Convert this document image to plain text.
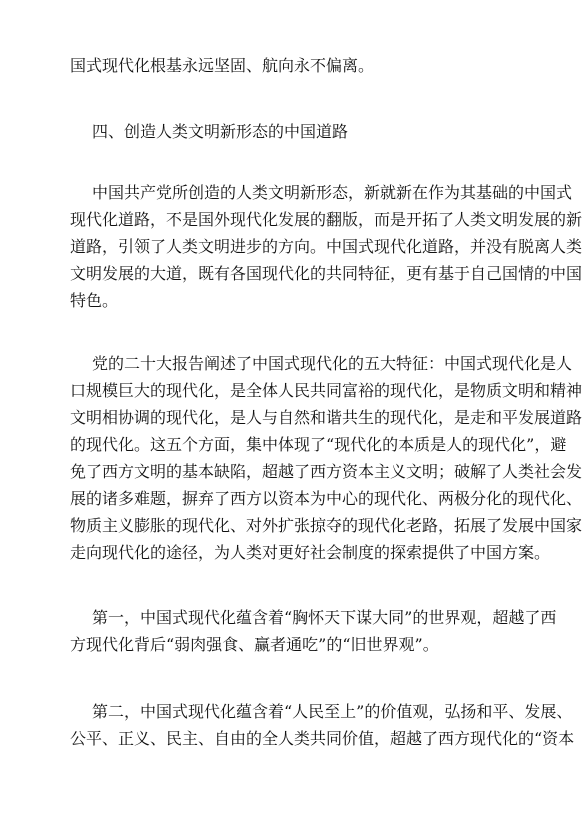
国式现代化根基永远坚固、航向永不偏离。
四、创造人类文明新形态的中国道路
中国共产党所创造的人类文明新形态，新就新在作为其基础的中国式
现代化道路，不是国外现代化发展的翻版，而是开拓了人类文明发展的新
道路，引领了人类文明进步的方向。中国式现代化道路，并没有脱离人类
文明发展的大道，既有各国现代化的共同特征，更有基于自己国情的中国
特色。
党的二十大报告阐述了中国式现代化的五大特征：中国式现代化是人
口规模巨大的现代化，是全体人民共同富裕的现代化，是物质文明和精神
文明相协调的现代化，是人与自然和谐共生的现代化，是走和平发展道路
的现代化。这五个方面，集中体现了“现代化的本质是人的现代化”，避
免了西方文明的基本缺陷，超越了西方资本主义文明；破解了人类社会发
展的诸多难题，摒弃了西方以资本为中心的现代化、两极分化的现代化、
物质主义膨胀的现代化、对外扩张掠夺的现代化老路，拓展了发展中国家
走向现代化的途径，为人类对更好社会制度的探索提供了中国方案。
第一，中国式现代化蕴含着“胸怀天下谋大同”的世界观，超越了西
方现代化背后“弱肉强食、赢者通吃”的“旧世界观”。
第二，中国式现代化蕴含着“人民至上”的价值观，弘扬和平、发展、
公平、正义、民主、自由的全人类共同价值，超越了西方现代化的“资本
